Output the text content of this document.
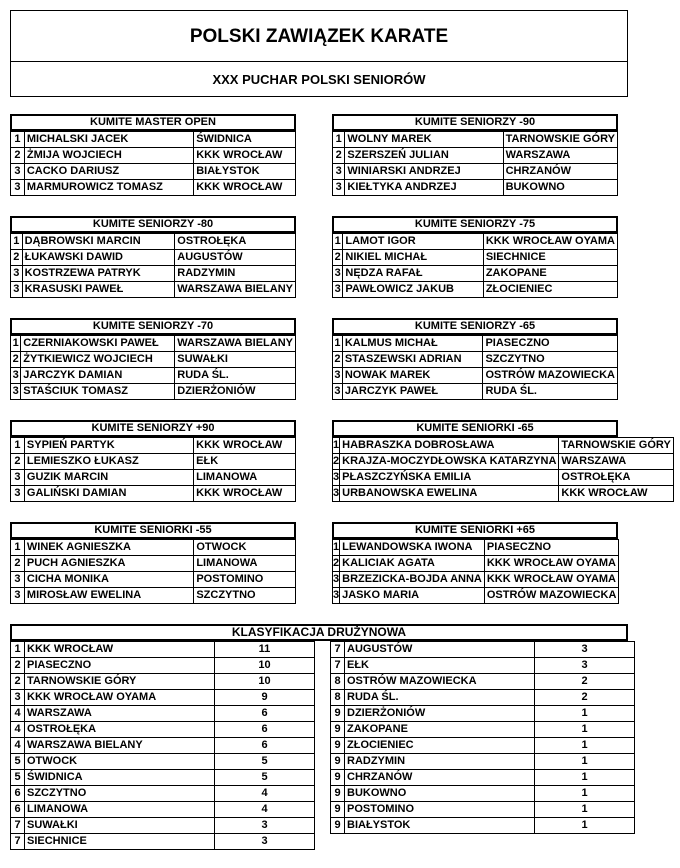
POLSKI ZAWIĄZEK KARATE
XXX PUCHAR POLSKI SENIORÓW
KUMITE MASTER OPEN
1	MICHALSKI JACEK	ŚWIDNICA
2	ŻMIJA WOJCIECH	KKK WROCŁAW
3	CACKO DARIUSZ	BIAŁYSTOK
3	MARMUROWICZ TOMASZ	KKK WROCŁAW
KUMITE SENIORZY -90
1	WOLNY MAREK	TARNOWSKIE GÓRY
2	SZERSZEŃ JULIAN	WARSZAWA
3	WINIARSKI ANDRZEJ	CHRZANÓW
3	KIEŁTYKA ANDRZEJ	BUKOWNO
KUMITE SENIORZY -80
1	DĄBROWSKI MARCIN	OSTROŁĘKA
2	ŁUKAWSKI DAWID	AUGUSTÓW
3	KOSTRZEWA PATRYK	RADZYMIN
3	KRASUSKI PAWEŁ	WARSZAWA BIELANY
KUMITE SENIORZY -75
1	LAMOT IGOR	KKK WROCŁAW OYAMA
2	NIKIEL MICHAŁ	SIECHNICE
3	NĘDZA RAFAŁ	ZAKOPANE
3	PAWŁOWICZ JAKUB	ZŁOCIENIEC
KUMITE SENIORZY -70
1	CZERNIAKOWSKI PAWEŁ	WARSZAWA BIELANY
2	ŻYTKIEWICZ WOJCIECH	SUWAŁKI
3	JARCZYK DAMIAN	RUDA ŚL.
3	STAŚCIUK TOMASZ	DZIERŻONIÓW
KUMITE SENIORZY -65
1	KALMUS MICHAŁ	PIASECZNO
2	STASZEWSKI ADRIAN	SZCZYTNO
3	NOWAK MAREK	OSTRÓW MAZOWIECKA
3	JARCZYK PAWEŁ	RUDA ŚL.
KUMITE SENIORZY +90
1	SYPIEŃ PARTYK	KKK WROCŁAW
2	LEMIESZKO ŁUKASZ	EŁK
3	GUZIK MARCIN	LIMANOWA
3	GALIŃSKI DAMIAN	KKK WROCŁAW
KUMITE SENIORKI -65
1	HABRASZKA DOBROSŁAWA	TARNOWSKIE GÓRY
2	KRAJZA-MOCZYDŁOWSKA KATARZYNA	WARSZAWA
3	PŁASZCZYŃSKA EMILIA	OSTROŁĘKA
3	URBANOWSKA EWELINA	KKK WROCŁAW
KUMITE SENIORKI -55
1	WINEK AGNIESZKA	OTWOCK
2	PUCH AGNIESZKA	LIMANOWA
3	CICHA MONIKA	POSTOMINO
3	MIROSŁAW EWELINA	SZCZYTNO
KUMITE SENIORKI +65
1	LEWANDOWSKA IWONA	PIASECZNO
2	KALICIAK AGATA	KKK WROCŁAW OYAMA
3	BRZEZICKA-BOJDA ANNA	KKK WROCŁAW OYAMA
3	JASKO MARIA	OSTRÓW MAZOWIECKA
KLASYFIKACJA DRUŻYNOWA
1	KKK WROCŁAW	11
2	PIASECZNO	10
2	TARNOWSKIE GÓRY	10
3	KKK WROCŁAW OYAMA	9
4	WARSZAWA	6
4	OSTROŁĘKA	6
4	WARSZAWA BIELANY	6
5	OTWOCK	5
5	ŚWIDNICA	5
6	SZCZYTNO	4
6	LIMANOWA	4
7	SUWAŁKI	3
7	SIECHNICE	3
7	AUGUSTÓW	3
7	EŁK	3
8	OSTRÓW MAZOWIECKA	2
8	RUDA ŚL.	2
9	DZIERŻONIÓW	1
9	ZAKOPANE	1
9	ZŁOCIENIEC	1
9	RADZYMIN	1
9	CHRZANÓW	1
9	BUKOWNO	1
9	POSTOMINO	1
9	BIAŁYSTOK	1
